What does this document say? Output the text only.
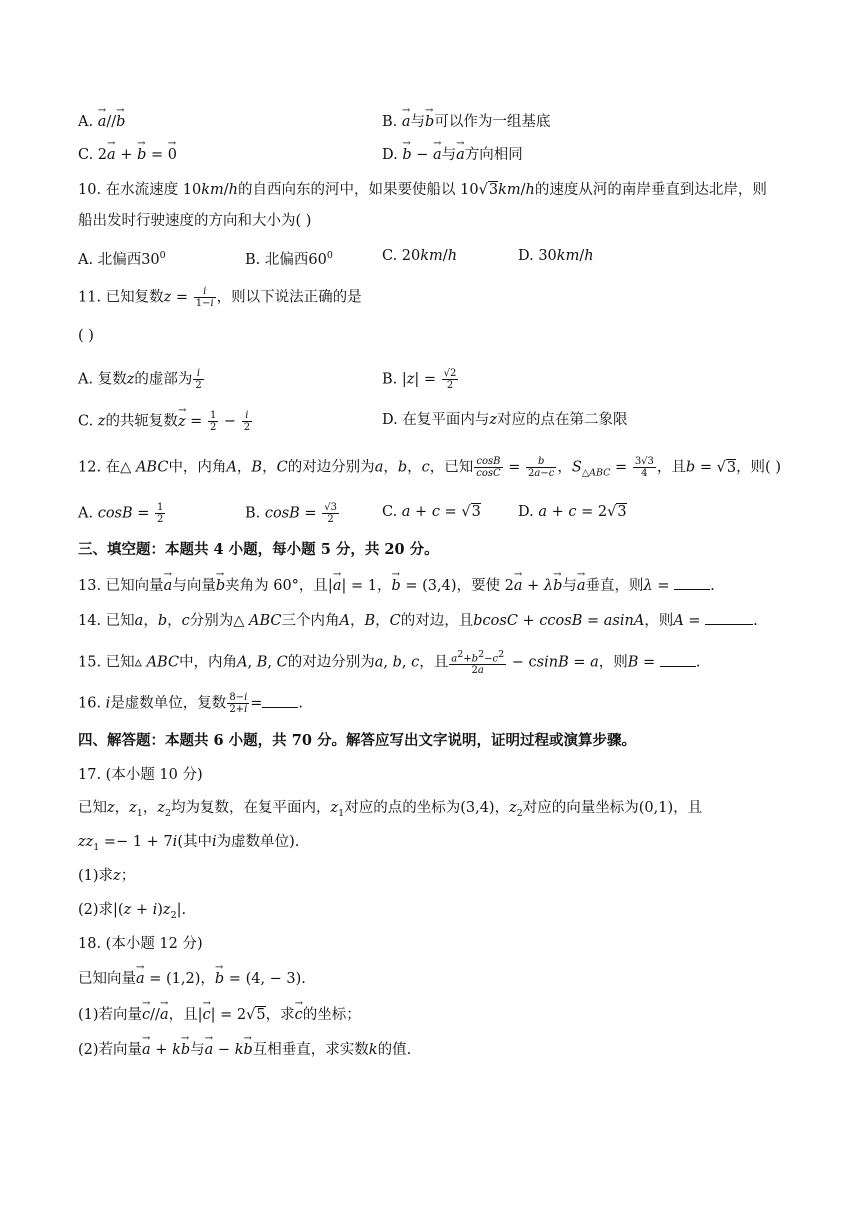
A. → a//→ b	B. → a与→ b可以作为一组基底
C. 2→ a + → b = → 0	D. → b − → a与→ a方向相同
10. 在水流速度 10km/h的自西向东的河中，如果要使船以 10√3km/h的速度从河的南岸垂直到达北岸，则
船出发时行驶速度的方向和大小为( )
A. 北偏西$30^0$	B. 北偏西$60^0$	C. 20km/h	D. 30km/h
11. 已知复数$z = \frac{i}{1-i}$ ，则以下说法正确的是
( )
A. 复数z的虚部为 $\frac{i}{2}$	B. $|z| = \frac{√2}{2}$
C. z的共轭复数→ $z = \frac{1}{2} - \frac{i}{2}$	D. 在复平面内与z对应的点在第二象限
12. 在△ ABC中，内角A，B，C的对边分别为a，b，c，已知 $\frac{\cos B}{\cos C} = \frac{b}{2a-c}$ ，$S_{\triangle ABC} = \frac{3√3}{4}$ ，且b = √3，则( )
A. $\cos B = \frac{1}{2}$	B. $\cos B = \frac{√3}{2}$	C. a + c = √3	D. a + c = 2√3
三、填空题：本题共 4 小题，每小题 5 分，共 20 分。
13. 已知向量→ a与向量→ b夹角为 60°，且|→ a| = 1，→ b = (3,4)，要使 2→ a + λ→ b与→ a垂直，则λ = .
14. 已知a，b，c分别为△ ABC三个内角A，B，C的对边，且bcosC + ccosB = asinA，则A =	.
15. 已知▵ ABC中，内角A, B, C的对边分别为a, b, c，且 $\frac{a^2+b^2-c^2}{2a} - csinB = a$，则B = .
16. i是虚数单位，复数 $\frac{8-i}{2+i}$ = .
四、解答题：本题共 6 小题，共 70 分。解答应写出文字说明，证明过程或演算步骤。
17. (本小题 10 分)
已知z，$z_1$，$z_2$均为复数，在复平面内，$z_1$对应的点的坐标为(3,4)，$z_2$对应的向量坐标为(0,1)，且
$zz_1 =- 1 + 7i$(其中i为虚数单位).
(1)求z；
(2)求$|(z + i)z_2|$.
18. (本小题 12 分)
已知向量→ a = (1,2)，→ b = (4, − 3).
(1)若向量→ c//→ a，且|→ c| = 2√5，求→ c的坐标；
(2)若向量→ a + k→ b与→ a − k→ b互相垂直，求实数k的值.
